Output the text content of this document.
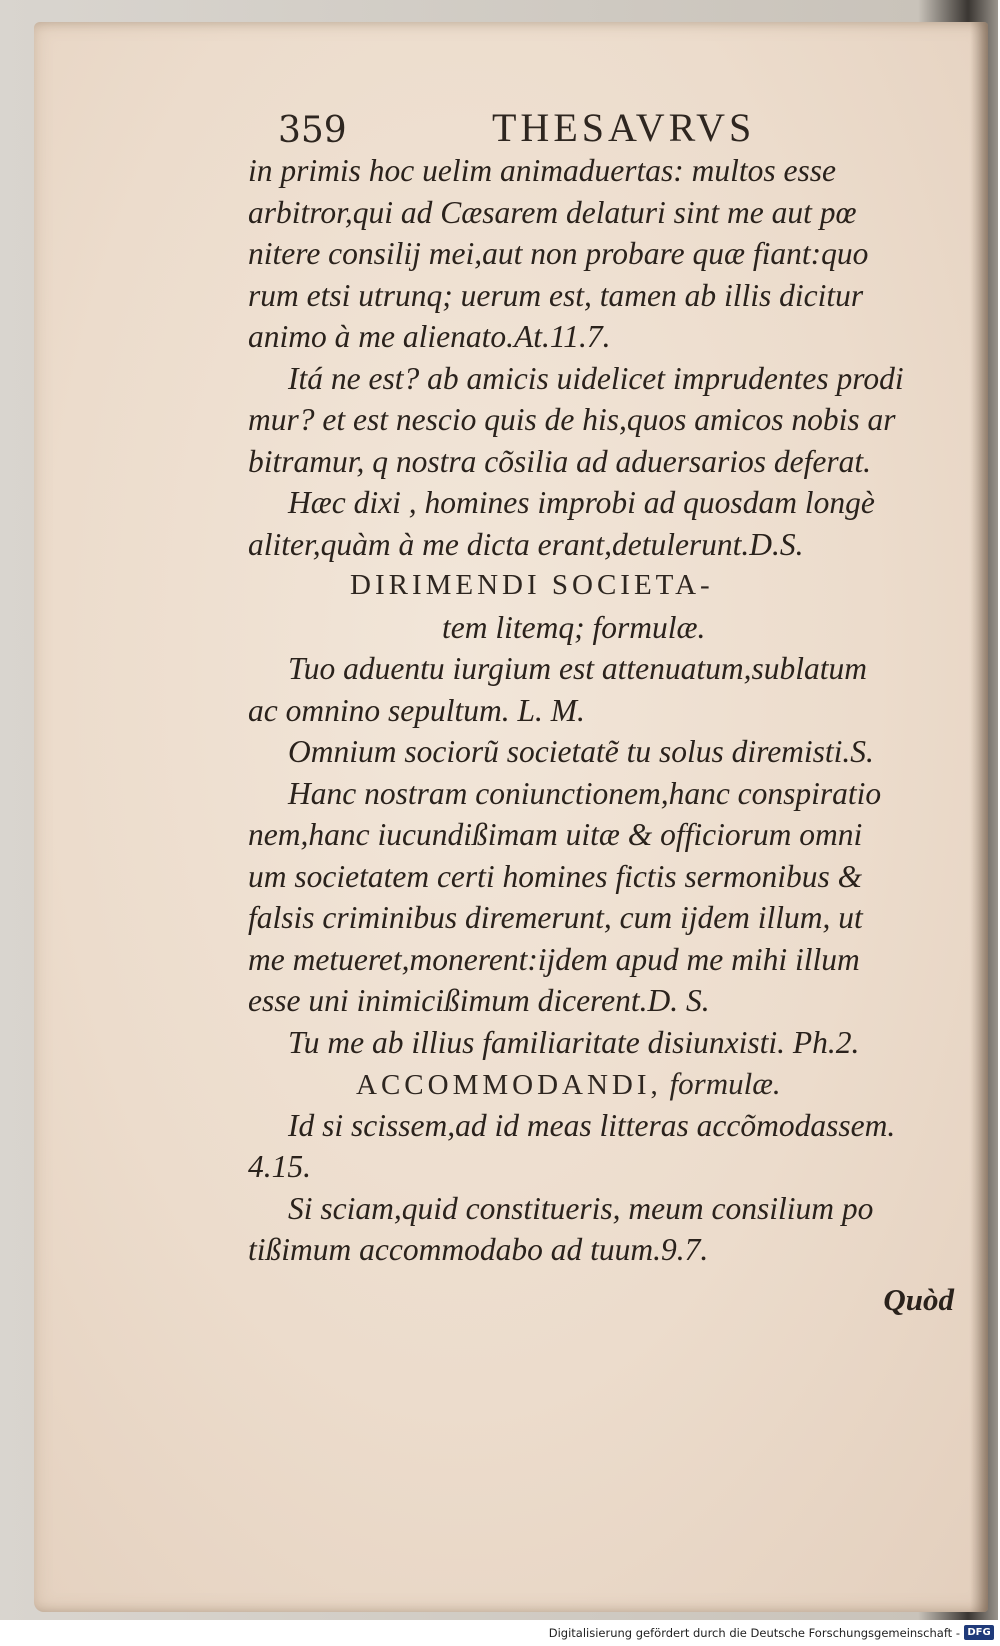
359	THESAVRVS
in primis hoc uelim animaduertas: multos esse
arbitror,qui ad Cæsarem delaturi sint me aut pœ
nitere consilij mei,aut non probare quæ fiant:quo
rum etsi utrunq; uerum est, tamen ab illis dicitur
animo à me alienato.At.11.7.
Itá ne est? ab amicis uidelicet imprudentes prodi
mur? et est nescio quis de his,quos amicos nobis ar
bitramur, q nostra cõsilia ad aduersarios deferat.
Hæc dixi , homines improbi ad quosdam longè
aliter,quàm à me dicta erant,detulerunt.D.S.
DIRIMENDI SOCIETA-
tem litemq; formulæ.
Tuo aduentu iurgium est attenuatum,sublatum
ac omnino sepultum. L. M.
Omnium sociorũ societatẽ tu solus diremisti.S.
Hanc nostram coniunctionem,hanc conspiratio
nem,hanc iucundißimam uitæ & officiorum omni
um societatem certi homines fictis sermonibus &
falsis criminibus diremerunt, cum ijdem illum, ut
me metueret,monerent:ijdem apud me mihi illum
esse uni inimicißimum dicerent.D. S.
Tu me ab illius familiaritate disiunxisti. Ph.2.
ACCOMMODANDI, formulæ.
Id si scissem,ad id meas litteras accõmodassem.
4.15.
Si sciam,quid constitueris, meum consilium po
tißimum accommodabo ad tuum.9.7.
Quòd
Digitalisierung gefördert durch die Deutsche Forschungsgemeinschaft - DFG
